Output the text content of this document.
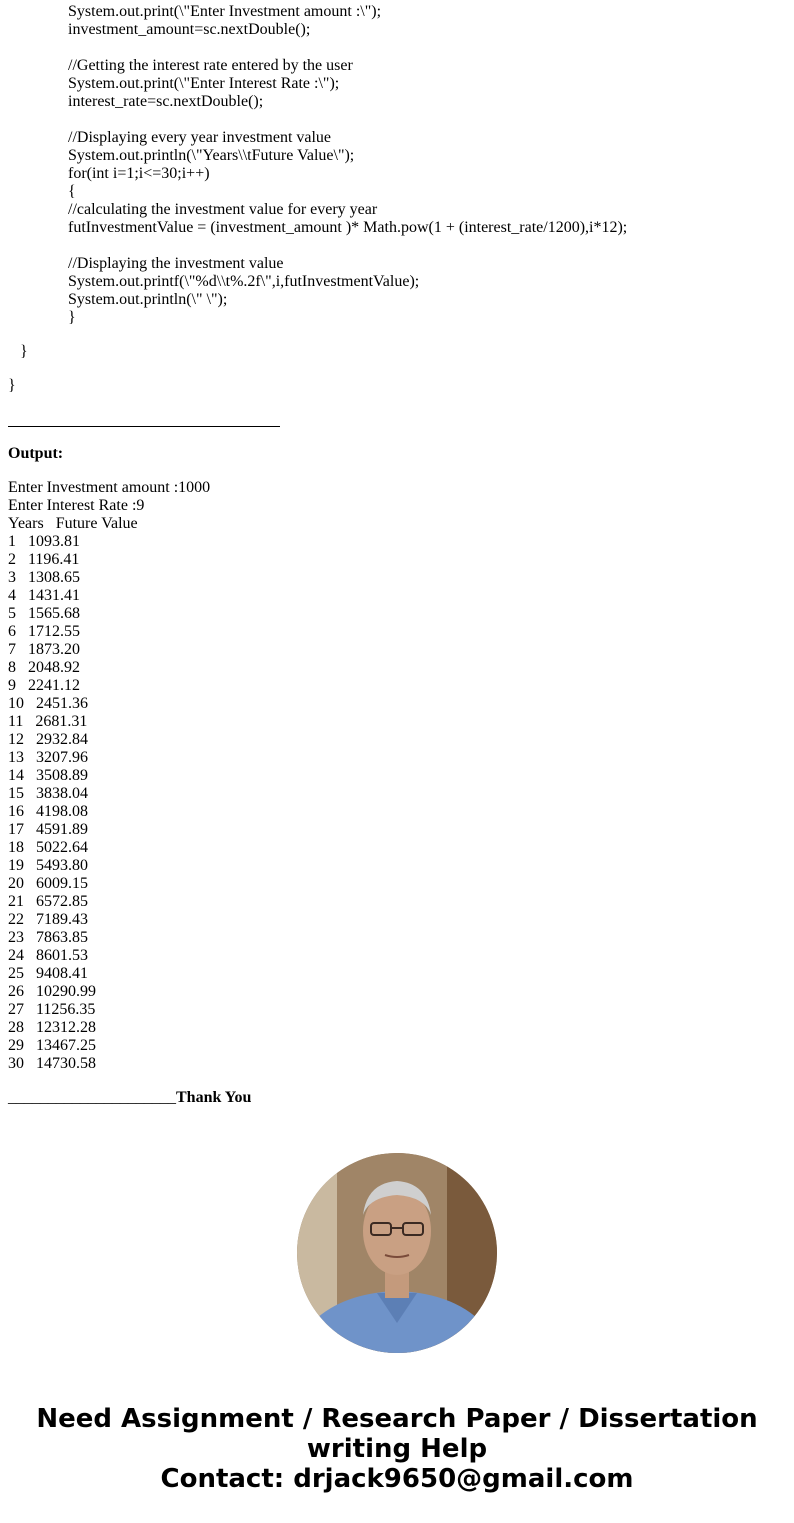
System.out.print(\"Enter Investment amount :\");
investment_amount=sc.nextDouble();
//Getting the interest rate entered by the user
System.out.print(\"Enter Interest Rate :\");
interest_rate=sc.nextDouble();
//Displaying every year investment value
System.out.println(\"Years\\tFuture Value\");
for(int i=1;i<=30;i++)
{
//calculating the investment value for every year
futInvestmentValue = (investment_amount )* Math.pow(1 + (interest_rate/1200),i*12);
//Displaying the investment value
System.out.printf(\"%d\\t%.2f\",i,futInvestmentValue);
System.out.println(\" \");
}
}
}
Output:
Enter Investment amount :1000
Enter Interest Rate :9
Years   Future Value
1 1093.81
2 1196.41
3 1308.65
4 1431.41
5 1565.68
6 1712.55
7 1873.20
8 2048.92
9 2241.12
10 2451.36
11 2681.31
12 2932.84
13 3207.96
14 3508.89
15 3838.04
16 4198.08
17 4591.89
18 5022.64
19 5493.80
20 6009.15
21 6572.85
22 7189.43
23 7863.85
24 8601.53
25 9408.41
26 10290.99
27 11256.35
28 12312.28
29 13467.25
30 14730.58
_____________________Thank You
Need Assignment / Research Paper / Dissertation
writing Help
Contact: drjack9650@gmail.com
